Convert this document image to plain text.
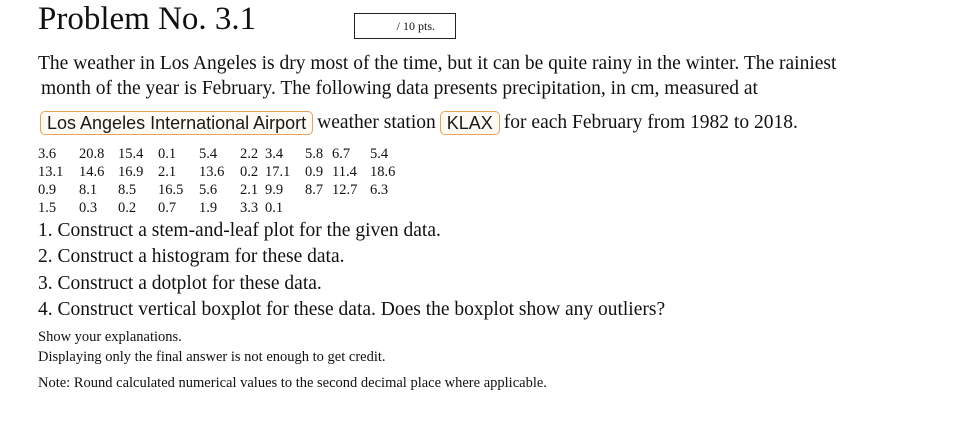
Problem No. 3.1	/ 10 pts.
The weather in Los Angeles is dry most of the time, but it can be quite rainy in the winter. The rainiest
month of the year is February. The following data presents precipitation, in cm, measured at
Los Angeles International Airport weather station KLAX for each February from 1982 to 2018.
3.6	20.8	15.4	0.1	5.4	2.2	3.4	5.8	6.7	5.4
13.1	14.6	16.9	2.1	13.6	0.2	17.1	0.9	11.4	18.6
0.9	8.1	8.5	16.5	5.6	2.1	9.9	8.7	12.7	6.3
1.5	0.3	0.2	0.7	1.9	3.3	0.1			
1. Construct a stem-and-leaf plot for the given data.
2. Construct a histogram for these data.
3. Construct a dotplot for these data.
4. Construct vertical boxplot for these data. Does the boxplot show any outliers?
Show your explanations.
Displaying only the final answer is not enough to get credit.
Note: Round calculated numerical values to the second decimal place where applicable.
